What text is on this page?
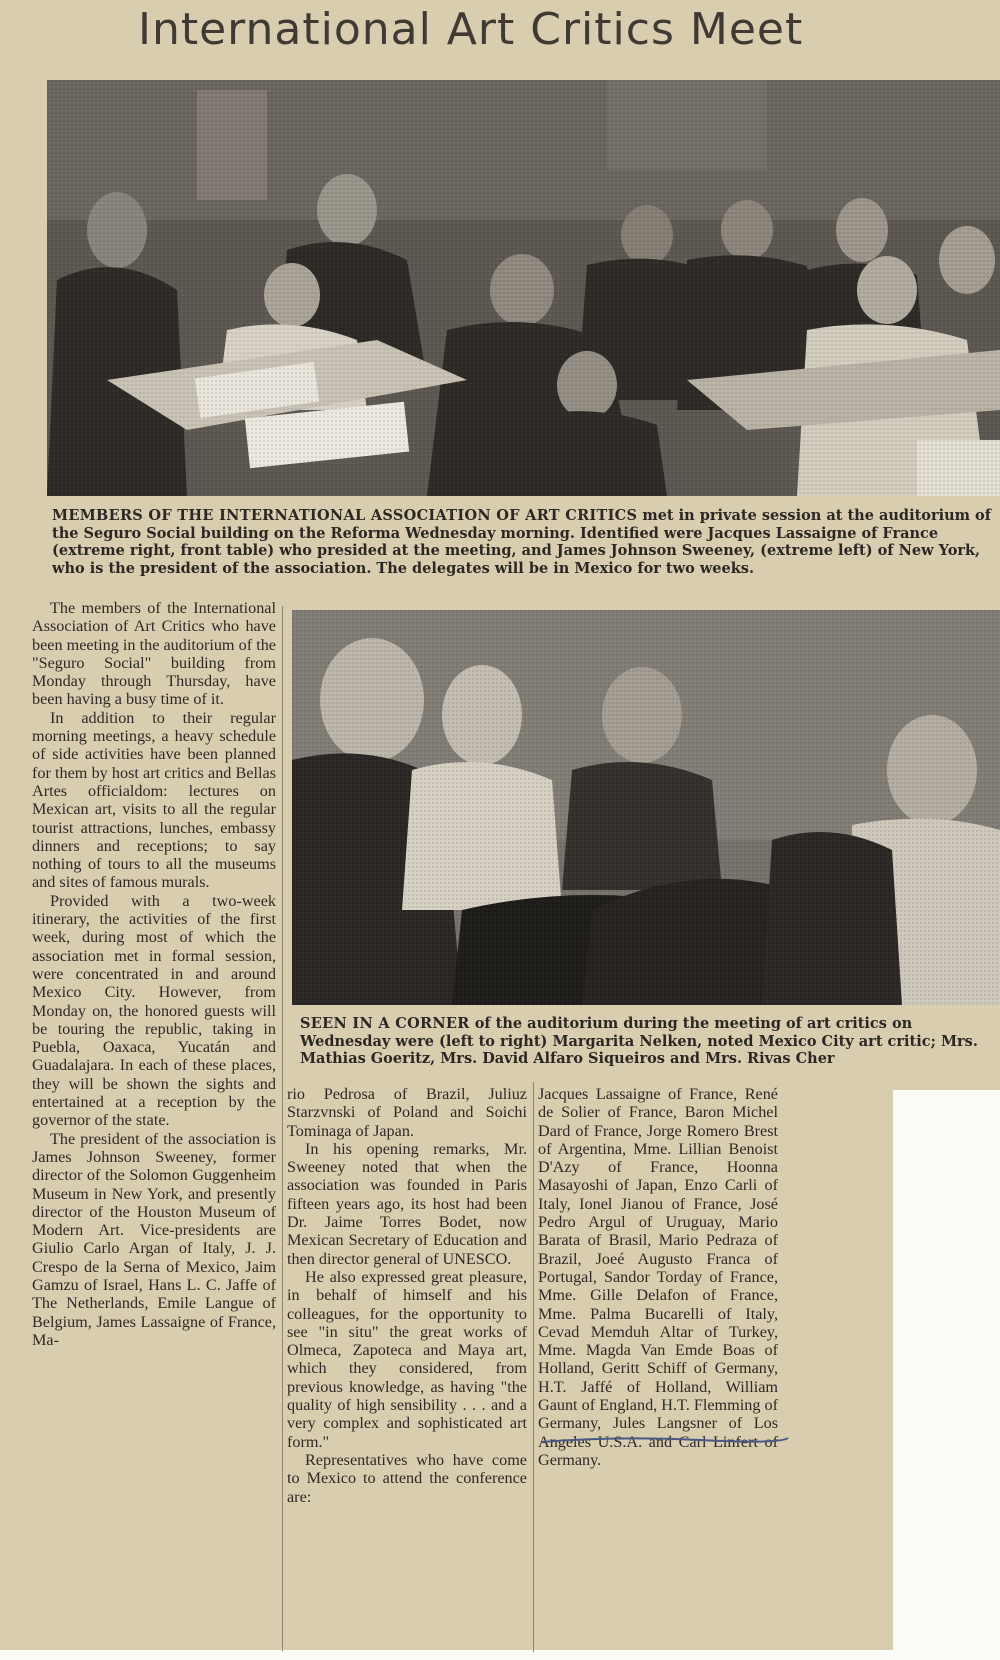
International Art Critics Meet

MEMBERS OF THE INTERNATIONAL ASSOCIATION OF ART CRITICS met in private session at the auditorium of the Seguro Social building on the Reforma Wednesday morning. Identified were Jacques Lassaigne of France (extreme right, front table) who presided at the meeting, and James Johnson Sweeney, (extreme left) of New York, who is the president of the association. The delegates will be in Mexico for two weeks.

SEEN IN A CORNER of the auditorium during the meeting of art critics on Wednesday were (left to right) Margarita Nelken, noted Mexico City art critic; Mrs. Mathias Goeritz, Mrs. David Alfaro Siqueiros and Mrs. Rivas Cher

The members of the International Association of Art Critics who have been meeting in the auditorium of the "Seguro Social" building from Monday through Thursday, have been having a busy time of it.

In addition to their regular morning meetings, a heavy schedule of side activities have been planned for them by host art critics and Bellas Artes officialdom: lectures on Mexican art, visits to all the regular tourist attractions, lunches, embassy dinners and receptions; to say nothing of tours to all the museums and sites of famous murals.

Provided with a two-week itinerary, the activities of the first week, during most of which the association met in formal session, were concentrated in and around Mexico City. However, from Monday on, the honored guests will be touring the republic, taking in Puebla, Oaxaca, Yucatán and Guadalajara. In each of these places, they will be shown the sights and entertained at a reception by the governor of the state.

The president of the association is James Johnson Sweeney, former director of the Solomon Guggenheim Museum in New York, and presently director of the Houston Museum of Modern Art. Vice-presidents are Giulio Carlo Argan of Italy, J. J. Crespo de la Serna of Mexico, Jaim Gamzu of Israel, Hans L. C. Jaffe of The Netherlands, Emile Langue of Belgium, James Lassaigne of France, Ma-

rio Pedrosa of Brazil, Juliuz Starzvnski of Poland and Soichi Tominaga of Japan.

In his opening remarks, Mr. Sweeney noted that when the association was founded in Paris fifteen years ago, its host had been Dr. Jaime Torres Bodet, now Mexican Secretary of Education and then director general of UNESCO.

He also expressed great pleasure, in behalf of himself and his colleagues, for the opportunity to see "in situ" the great works of Olmeca, Zapoteca and Maya art, which they considered, from previous knowledge, as having "the quality of high sensibility . . . and a very complex and sophisticated art form."

Representatives who have come to Mexico to attend the conference are:

Jacques Lassaigne of France, René de Solier of France, Baron Michel Dard of France, Jorge Romero Brest of Argentina, Mme. Lillian Benoist D'Azy of France, Hoonna Masayoshi of Japan, Enzo Carli of Italy, Ionel Jianou of France, José Pedro Argul of Uruguay, Mario Barata of Brasil, Mario Pedraza of Brazil, Joeé Augusto Franca of Portugal, Sandor Torday of France, Mme. Gille Delafon of France, Mme. Palma Bucarelli of Italy, Cevad Memduh Altar of Turkey, Mme. Magda Van Emde Boas of Holland, Geritt Schiff of Germany, H.T. Jaffé of Holland, William Gaunt of England, H.T. Flemming of Germany, Jules Langsner of Los Angeles U.S.A. and Carl Linfert of Germany.
